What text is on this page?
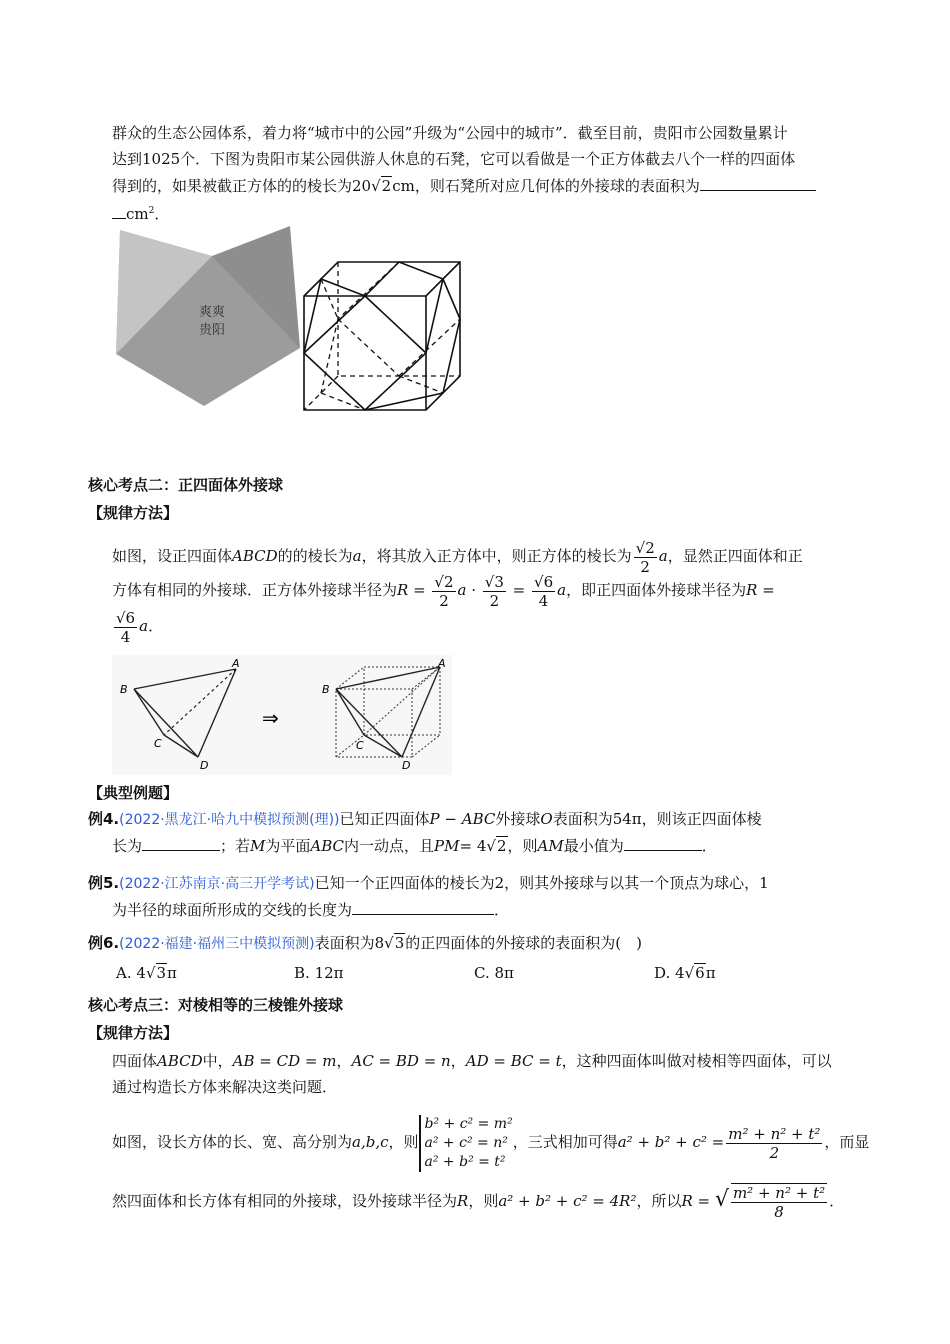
群众的生态公园体系，着力将“城市中的公园”升级为“公园中的城市”．截至目前，贵阳市公园数量累计
达到1025个．下图为贵阳市某公园供游人休息的石凳，它可以看做是一个正方体截去八个一样的四面体
得到的，如果被截正方体的的棱长为20√2cm，则石凳所对应几何体的外接球的表面积为
$cm^2$．
爽爽
贵阳
核心考点二：正四面体外接球
【规律方法】
如图，设正四面体ABCD的的棱长为a，将其放入正方体中，则正方体的棱长为 $\frac{√2}{2}$ a，显然正四面体和正
方体有相同的外接球．正方体外接球半径为$R = \frac{√2}{2}$ $a \cdot \frac{√3}{2} = \frac{√6}{4}$ a，即正四面体外接球半径为R =
$\frac{√6}{4}$ a．
A
B
C
D
⇒
A
B
C
D
【典型例题】
例4.(2022·黑龙江·哈九中模拟预测(理))已知正四面体P − ABC外接球O表面积为54π，则该正四面体棱
长为	；若M为平面ABC内一动点，且PM= 4√2，则AM最小值为	．
例5.(2022·江苏南京·高三开学考试)已知一个正四面体的棱长为2，则其外接球与以其一个顶点为球心，1
为半径的球面所形成的交线的长度为	．
例6.(2022·福建·福州三中模拟预测)表面积为8√3的正四面体的外接球的表面积为(　)
A. 4√3π	B. 12π	C. 8π	D. 4√6π
核心考点三：对棱相等的三棱锥外接球
【规律方法】
四面体ABCD中，AB = CD = m，AC = BD = n，AD = BC = t，这种四面体叫做对棱相等四面体，可以
通过构造长方体来解决这类问题．
如图，设长方体的长、宽、高分别为a,b,c，则
b² + c² = m²
a² + c² = n²
a² + b² = t²
，三式相加可得$a^2 + b^2 + c^2 = \frac{\text{m² + n² + t²}}{2}$ ，而显
然四面体和长方体有相同的外接球，设外接球半径为R，则a² + b² + c² = 4R²，所以R = √ $\frac{\text{m² + n² + t²}}{8}$ ．
